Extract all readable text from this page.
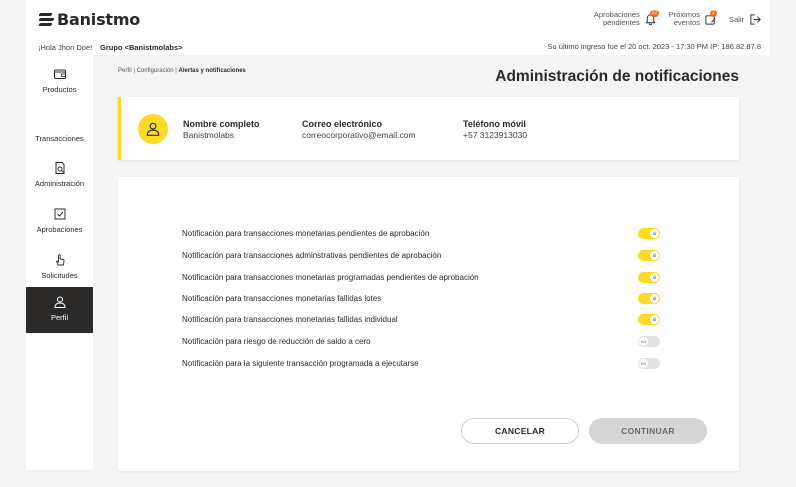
Banistmo	Aprobaciones
pendientes
22 Próximos
eventos
2
Salir
¡Hola Jhon Doe! Grupo <Banistmolabs>	Su último ingreso fue el 20 oct. 2023 - 17:30 PM IP: 186.82.87.8
Productos
Transacciones
Administración
Aprobaciones
Solicitudes
Perfil
Perfil | Configuración | Alertas y notificaciones	Administración de notificaciones
Nombre completo
Banistmolabs
Correo electrónico
correocorporativo@email.com
Teléfono móvil
+57 3123913030
Notificación para transacciones monetarias pendientes de aprobación	sí
Notificación para transacciones adminstrativas pendientes de aprobación	sí
Notificación para transacciones monetarias programadas pendientes de aprobación	sí
Notificación para transacciones monetarias fallidas lotes	sí
Notificación para transacciones monetarias fallidas individual	sí
Notificación para riesgo de reducción de saldo a cero	no
Notificación para la siguiente transacción programada a ejecutarse	no
CANCELAR	CONTINUAR
